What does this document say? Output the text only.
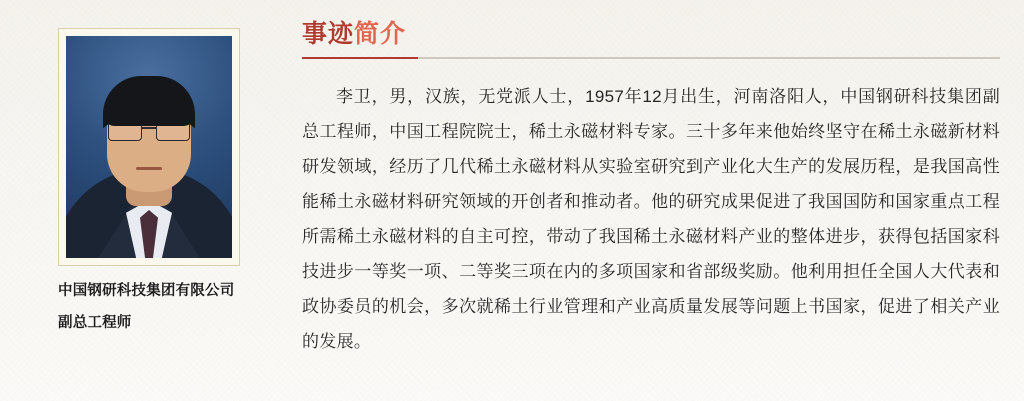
中国钢研科技集团有限公司
副总工程师
事迹简介
李卫，男，汉族，无党派人士，1957年12月出生，河南洛阳人，中国钢研科技集团副总工程师，中国工程院院士，稀土永磁材料专家。三十多年来他始终坚守在稀土永磁新材料研发领域，经历了几代稀土永磁材料从实验室研究到产业化大生产的发展历程，是我国高性能稀土永磁材料研究领域的开创者和推动者。他的研究成果促进了我国国防和国家重点工程所需稀土永磁材料的自主可控，带动了我国稀土永磁材料产业的整体进步，获得包括国家科技进步一等奖一项、二等奖三项在内的多项国家和省部级奖励。他利用担任全国人大代表和政协委员的机会，多次就稀土行业管理和产业高质量发展等问题上书国家，促进了相关产业的发展。
